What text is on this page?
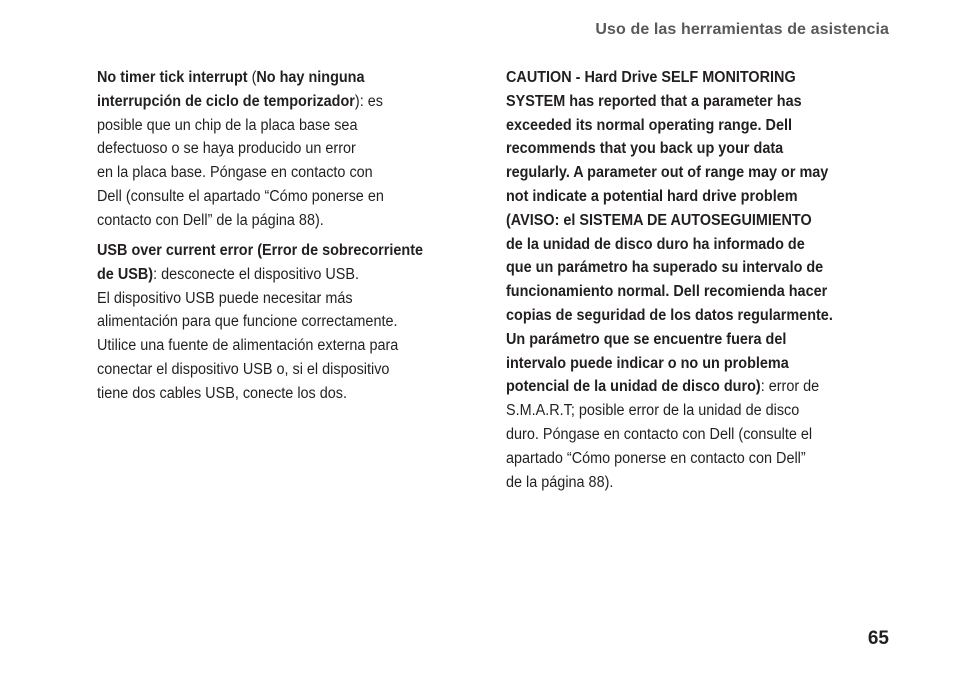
Uso de las herramientas de asistencia
No timer tick interrupt (No hay ninguna
interrupción de ciclo de temporizador): es
posible que un chip de la placa base sea
defectuoso o se haya producido un error
en la placa base. Póngase en contacto con
Dell (consulte el apartado “Cómo ponerse en
contacto con Dell” de la página 88).
USB over current error (Error de sobrecorriente
de USB): desconecte el dispositivo USB.
El dispositivo USB puede necesitar más
alimentación para que funcione correctamente.
Utilice una fuente de alimentación externa para
conectar el dispositivo USB o, si el dispositivo
tiene dos cables USB, conecte los dos.
CAUTION - Hard Drive SELF MONITORING
SYSTEM has reported that a parameter has
exceeded its normal operating range. Dell
recommends that you back up your data
regularly. A parameter out of range may or may
not indicate a potential hard drive problem
(AVISO: el SISTEMA DE AUTOSEGUIMIENTO
de la unidad de disco duro ha informado de
que un parámetro ha superado su intervalo de
funcionamiento normal. Dell recomienda hacer
copias de seguridad de los datos regularmente.
Un parámetro que se encuentre fuera del
intervalo puede indicar o no un problema
potencial de la unidad de disco duro): error de
S.M.A.R.T; posible error de la unidad de disco
duro. Póngase en contacto con Dell (consulte el
apartado “Cómo ponerse en contacto con Dell”
de la página 88).
65
